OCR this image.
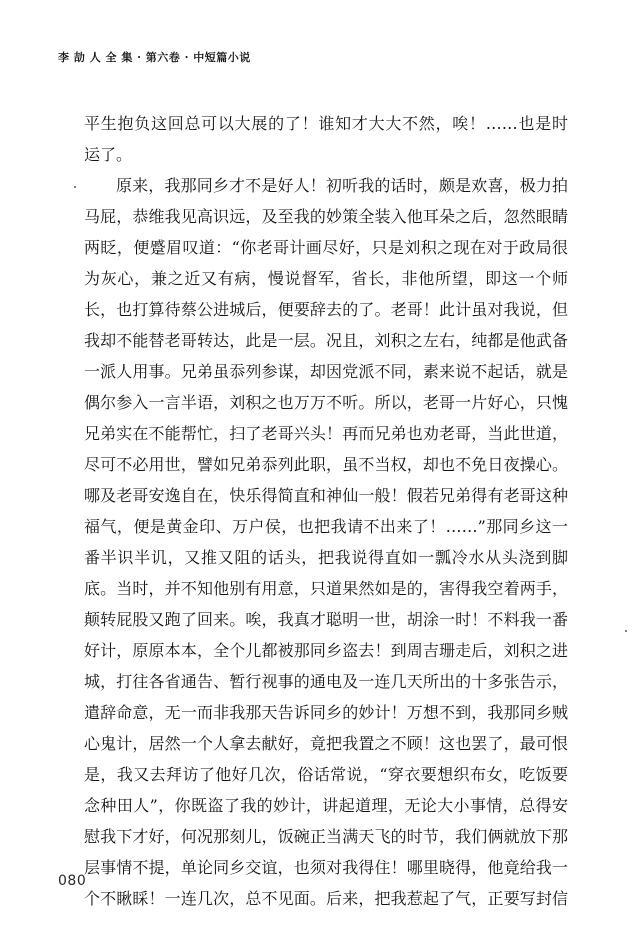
李 劼 人 全 集 · 第六卷 · 中短篇小说
平生抱负这回总可以大展的了！谁知才大大不然，唉！……也是时
运了。
原来，我那同乡才不是好人！初听我的话时，颇是欢喜，极力拍
马屁，恭维我见高识远，及至我的妙策全装入他耳朵之后，忽然眼睛
两眨，便蹙眉叹道：“你老哥计画尽好，只是刘积之现在对于政局很
为灰心，兼之近又有病，慢说督军，省长，非他所望，即这一个师
长，也打算待蔡公进城后，便要辞去的了。老哥！此计虽对我说，但
我却不能替老哥转达，此是一层。况且，刘积之左右，纯都是他武备
一派人用事。兄弟虽忝列参谋，却因党派不同，素来说不起话，就是
偶尔参入一言半语，刘积之也万万不听。所以，老哥一片好心，只愧
兄弟实在不能帮忙，扫了老哥兴头！再而兄弟也劝老哥，当此世道，
尽可不必用世，譬如兄弟忝列此职，虽不当权，却也不免日夜操心。
哪及老哥安逸自在，快乐得简直和神仙一般！假若兄弟得有老哥这种
福气，便是黄金印、万户侯，也把我请不出来了！……”那同乡这一
番半识半讥，又推又阻的话头，把我说得直如一瓢冷水从头浇到脚
底。当时，并不知他别有用意，只道果然如是的，害得我空着两手，
颠转屁股又跑了回来。唉，我真才聪明一世，胡涂一时！不料我一番
好计，原原本本，全个儿都被那同乡盗去！到周吉珊走后，刘积之进
城，打往各省通告、暂行视事的通电及一连几天所出的十多张告示，
遣辞命意，无一而非我那天告诉同乡的妙计！万想不到，我那同乡贼
心鬼计，居然一个人拿去献好，竟把我置之不顾！这也罢了，最可恨
是，我又去拜访了他好几次，俗话常说，“穿衣要想织布女，吃饭要
念种田人”，你既盗了我的妙计，讲起道理，无论大小事情，总得安
慰我下才好，何况那刻儿，饭碗正当满天飞的时节，我们俩就放下那
层事情不提，单论同乡交谊，也须对我得住！哪里晓得，他竟给我一
个不瞅睬！一连几次，总不见面。后来，把我惹起了气，正要写封信
080
